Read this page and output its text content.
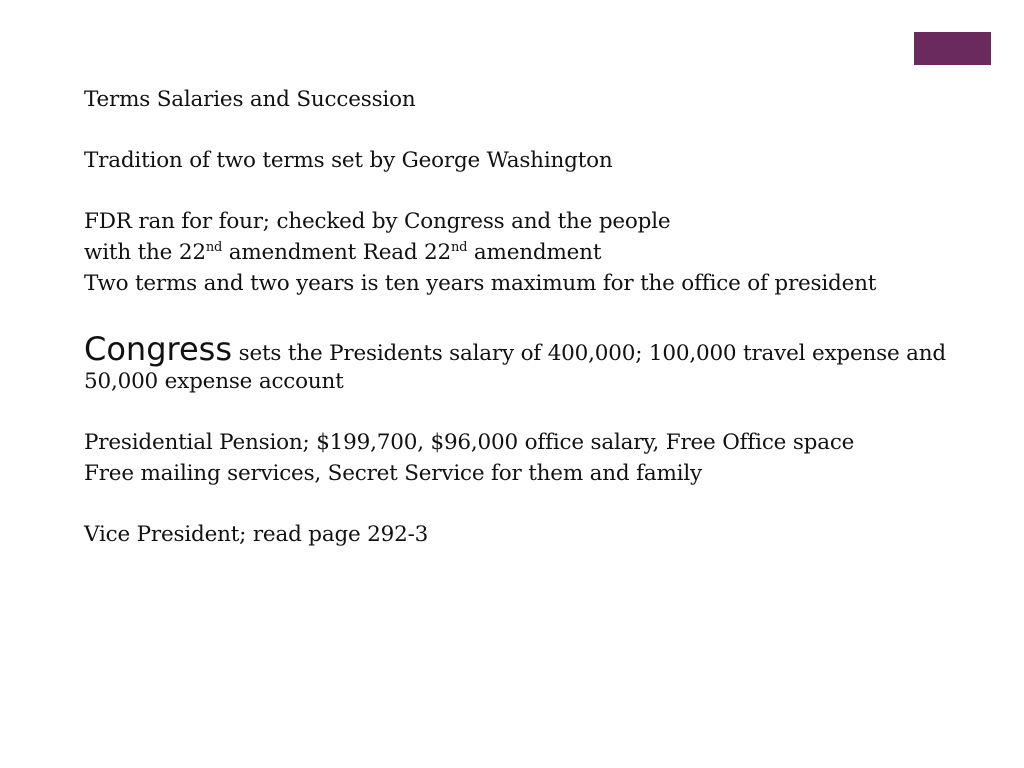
Terms Salaries and Succession
Tradition of two terms set by George Washington
FDR ran for four; checked by Congress and the people
with the 22nd amendment Read 22nd amendment
Two terms and two years is ten years maximum for the office of president
Congress sets the Presidents salary of 400,000; 100,000 travel expense and
50,000 expense account
Presidential Pension; $199,700, $96,000 office salary, Free Office space
Free mailing services, Secret Service for them and family
Vice President; read page 292-3
